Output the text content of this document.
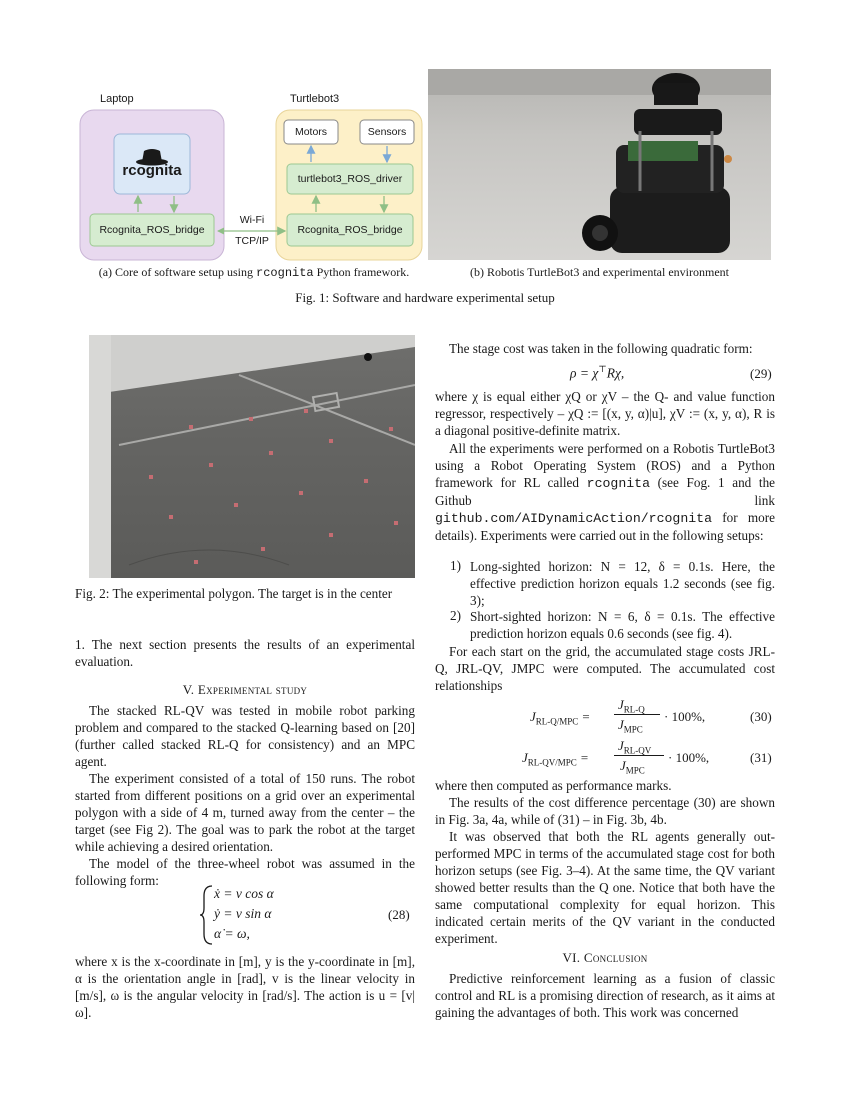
Laptop	Turtlebot3
rcognita
Rcognita_ROS_bridge	Rcognita_ROS_bridge
turtlebot3_ROS_driver
Motors	Sensors
Wi-Fi
TCP/IP
(a) Core of software setup using rcognita Python framework.	(b) Robotis TurtleBot3 and experimental environment
Fig. 1: Software and hardware experimental setup
Fig. 2: The experimental polygon. The target is in the center
1. The next section presents the results of an experimental evaluation.
V. Experimental study
The stacked RL-QV was tested in mobile robot parking problem and compared to the stacked Q-learning based on [20] (further called stacked RL-Q for consistency) and an MPC agent.
The experiment consisted of a total of 150 runs. The robot started from different positions on a grid over an experimental polygon with a side of 4 m, turned away from the center – the target (see Fig 2). The goal was to park the robot at the target while achieving a desired orientation.
The model of the three-wheel robot was assumed in the following form:
ẋ = v cos α
ẏ = v sin α
α̇ = ω,
(28)
where x is the x-coordinate in [m], y is the y-coordinate in [m], α is the orientation angle in [rad], v is the linear velocity in [m/s], ω is the angular velocity in [rad/s]. The action is u = [v|ω].
The stage cost was taken in the following quadratic form:
ρ = χ⊤Rχ,	(29)
where χ is equal either χQ or χV – the Q- and value function regressor, respectively – χQ := [(x, y, α)|u], χV := (x, y, α), R is a diagonal positive-definite matrix.
All the experiments were performed on a Robotis TurtleBot3 using a Robot Operating System (ROS) and a Python framework for RL called rcognita (see Fog. 1 and the Github link github.com/AIDynamicAction/rcognita for more details). Experiments were carried out in the following setups:
1) Long-sighted horizon: N = 12, δ = 0.1s. Here, the effective prediction horizon equals 1.2 seconds (see fig. 3);
2) Short-sighted horizon: N = 6, δ = 0.1s. The effective prediction horizon equals 0.6 seconds (see fig. 4).
For each start on the grid, the accumulated stage costs JRL-Q, JRL-QV, JMPC were computed. The accumulated cost relationships
$J_{RL-Q/MPC}$ =
$J_{RL-Q}$
$J_{MPC}$
· 100%,	(30)
$J_{RL-QV/MPC}$ =
$J_{RL-QV}$
$J_{MPC}$
· 100%,	(31)
where then computed as performance marks.
The results of the cost difference percentage (30) are shown in Fig. 3a, 4a, while of (31) – in Fig. 3b, 4b.
It was observed that both the RL agents generally out-performed MPC in terms of the accumulated stage cost for both horizon setups (see Fig. 3–4). At the same time, the QV variant showed better results than the Q one. Notice that both have the same computational complexity for equal horizon. This indicated certain merits of the QV variant in the conducted experiment.
VI. Conclusion
Predictive reinforcement learning as a fusion of classic control and RL is a promising direction of research, as it aims at gaining the advantages of both. This work was concerned
